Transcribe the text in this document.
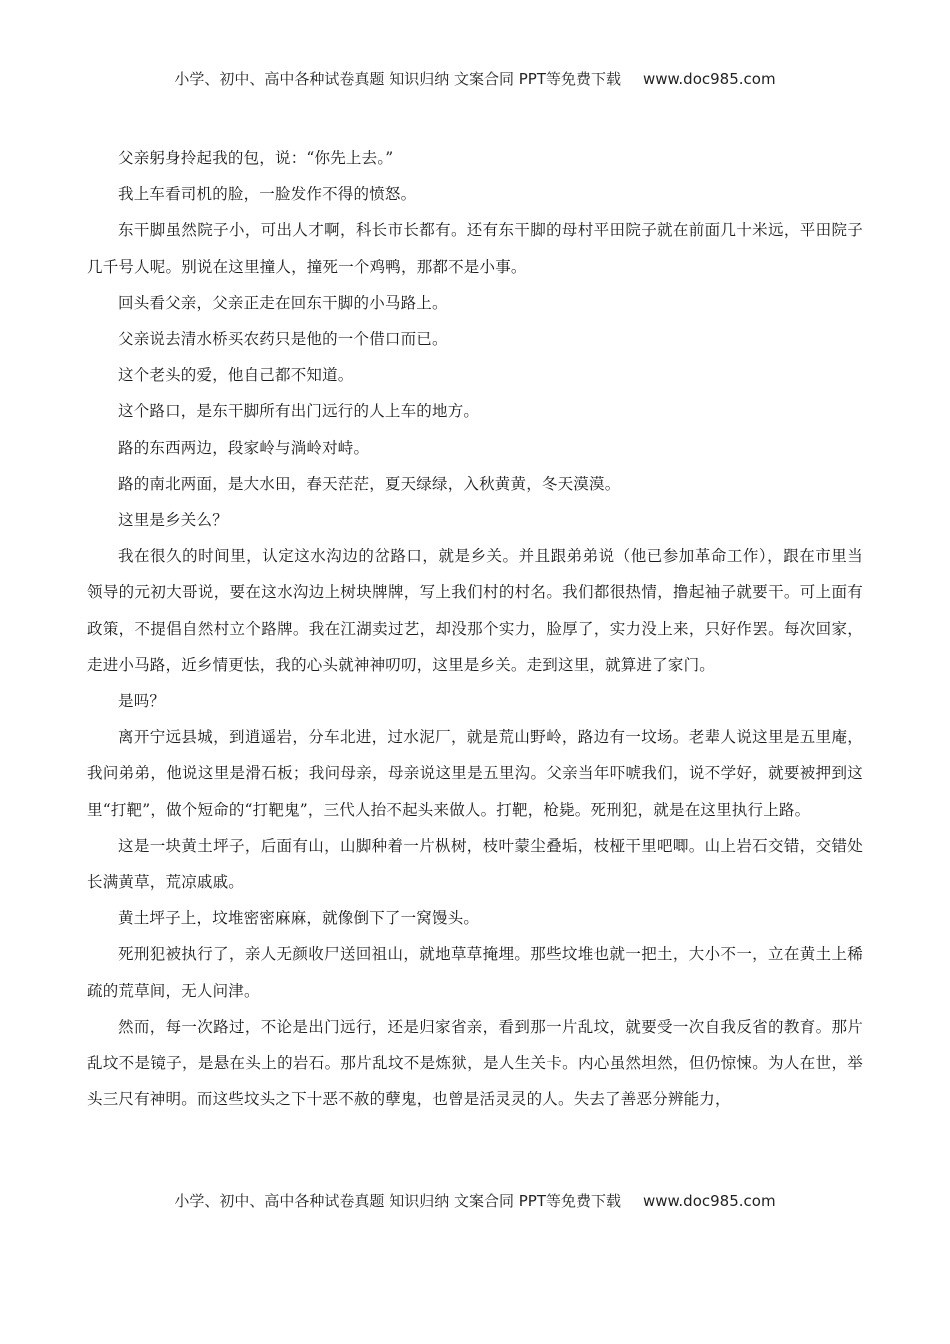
小学、初中、高中各种试卷真题 知识归纳 文案合同 PPT等免费下载 www.doc985.com

父亲躬身拎起我的包，说：“你先上去。”

我上车看司机的脸，一脸发作不得的愤怒。

东干脚虽然院子小，可出人才啊，科长市长都有。还有东干脚的母村平田院子就在前面几十米远，平田院子几千号人呢。别说在这里撞人，撞死一个鸡鸭，那都不是小事。

回头看父亲，父亲正走在回东干脚的小马路上。

父亲说去清水桥买农药只是他的一个借口而已。

这个老头的爱，他自己都不知道。

这个路口，是东干脚所有出门远行的人上车的地方。

路的东西两边，段家岭与淌岭对峙。

路的南北两面，是大水田，春天茫茫，夏天绿绿，入秋黄黄，冬天漠漠。

这里是乡关么？

我在很久的时间里，认定这水沟边的岔路口，就是乡关。并且跟弟弟说（他已参加革命工作），跟在市里当领导的元初大哥说，要在这水沟边上树块牌牌，写上我们村的村名。我们都很热情，撸起袖子就要干。可上面有政策，不提倡自然村立个路牌。我在江湖卖过艺，却没那个实力，脸厚了，实力没上来，只好作罢。每次回家，走进小马路，近乡情更怯，我的心头就神神叨叨，这里是乡关。走到这里，就算进了家门。

是吗？

离开宁远县城，到逍遥岩，分车北进，过水泥厂，就是荒山野岭，路边有一坟场。老辈人说这里是五里庵，我问弟弟，他说这里是滑石板；我问母亲，母亲说这里是五里沟。父亲当年吓唬我们，说不学好，就要被押到这里“打靶”，做个短命的“打靶鬼”，三代人抬不起头来做人。打靶，枪毙。死刑犯，就是在这里执行上路。

这是一块黄土坪子，后面有山，山脚种着一片枞树，枝叶蒙尘叠垢，枝桠干里吧唧。山上岩石交错，交错处长满黄草，荒凉戚戚。

黄土坪子上，坟堆密密麻麻，就像倒下了一窝馒头。

死刑犯被执行了，亲人无颜收尸送回祖山，就地草草掩埋。那些坟堆也就一把土，大小不一，立在黄土上稀疏的荒草间，无人问津。

然而，每一次路过，不论是出门远行，还是归家省亲，看到那一片乱坟，就要受一次自我反省的教育。那片乱坟不是镜子，是悬在头上的岩石。那片乱坟不是炼狱，是人生关卡。内心虽然坦然，但仍惊悚。为人在世，举头三尺有神明。而这些坟头之下十恶不赦的孽鬼，也曾是活灵灵的人。失去了善恶分辨能力，

小学、初中、高中各种试卷真题 知识归纳 文案合同 PPT等免费下载 www.doc985.com
